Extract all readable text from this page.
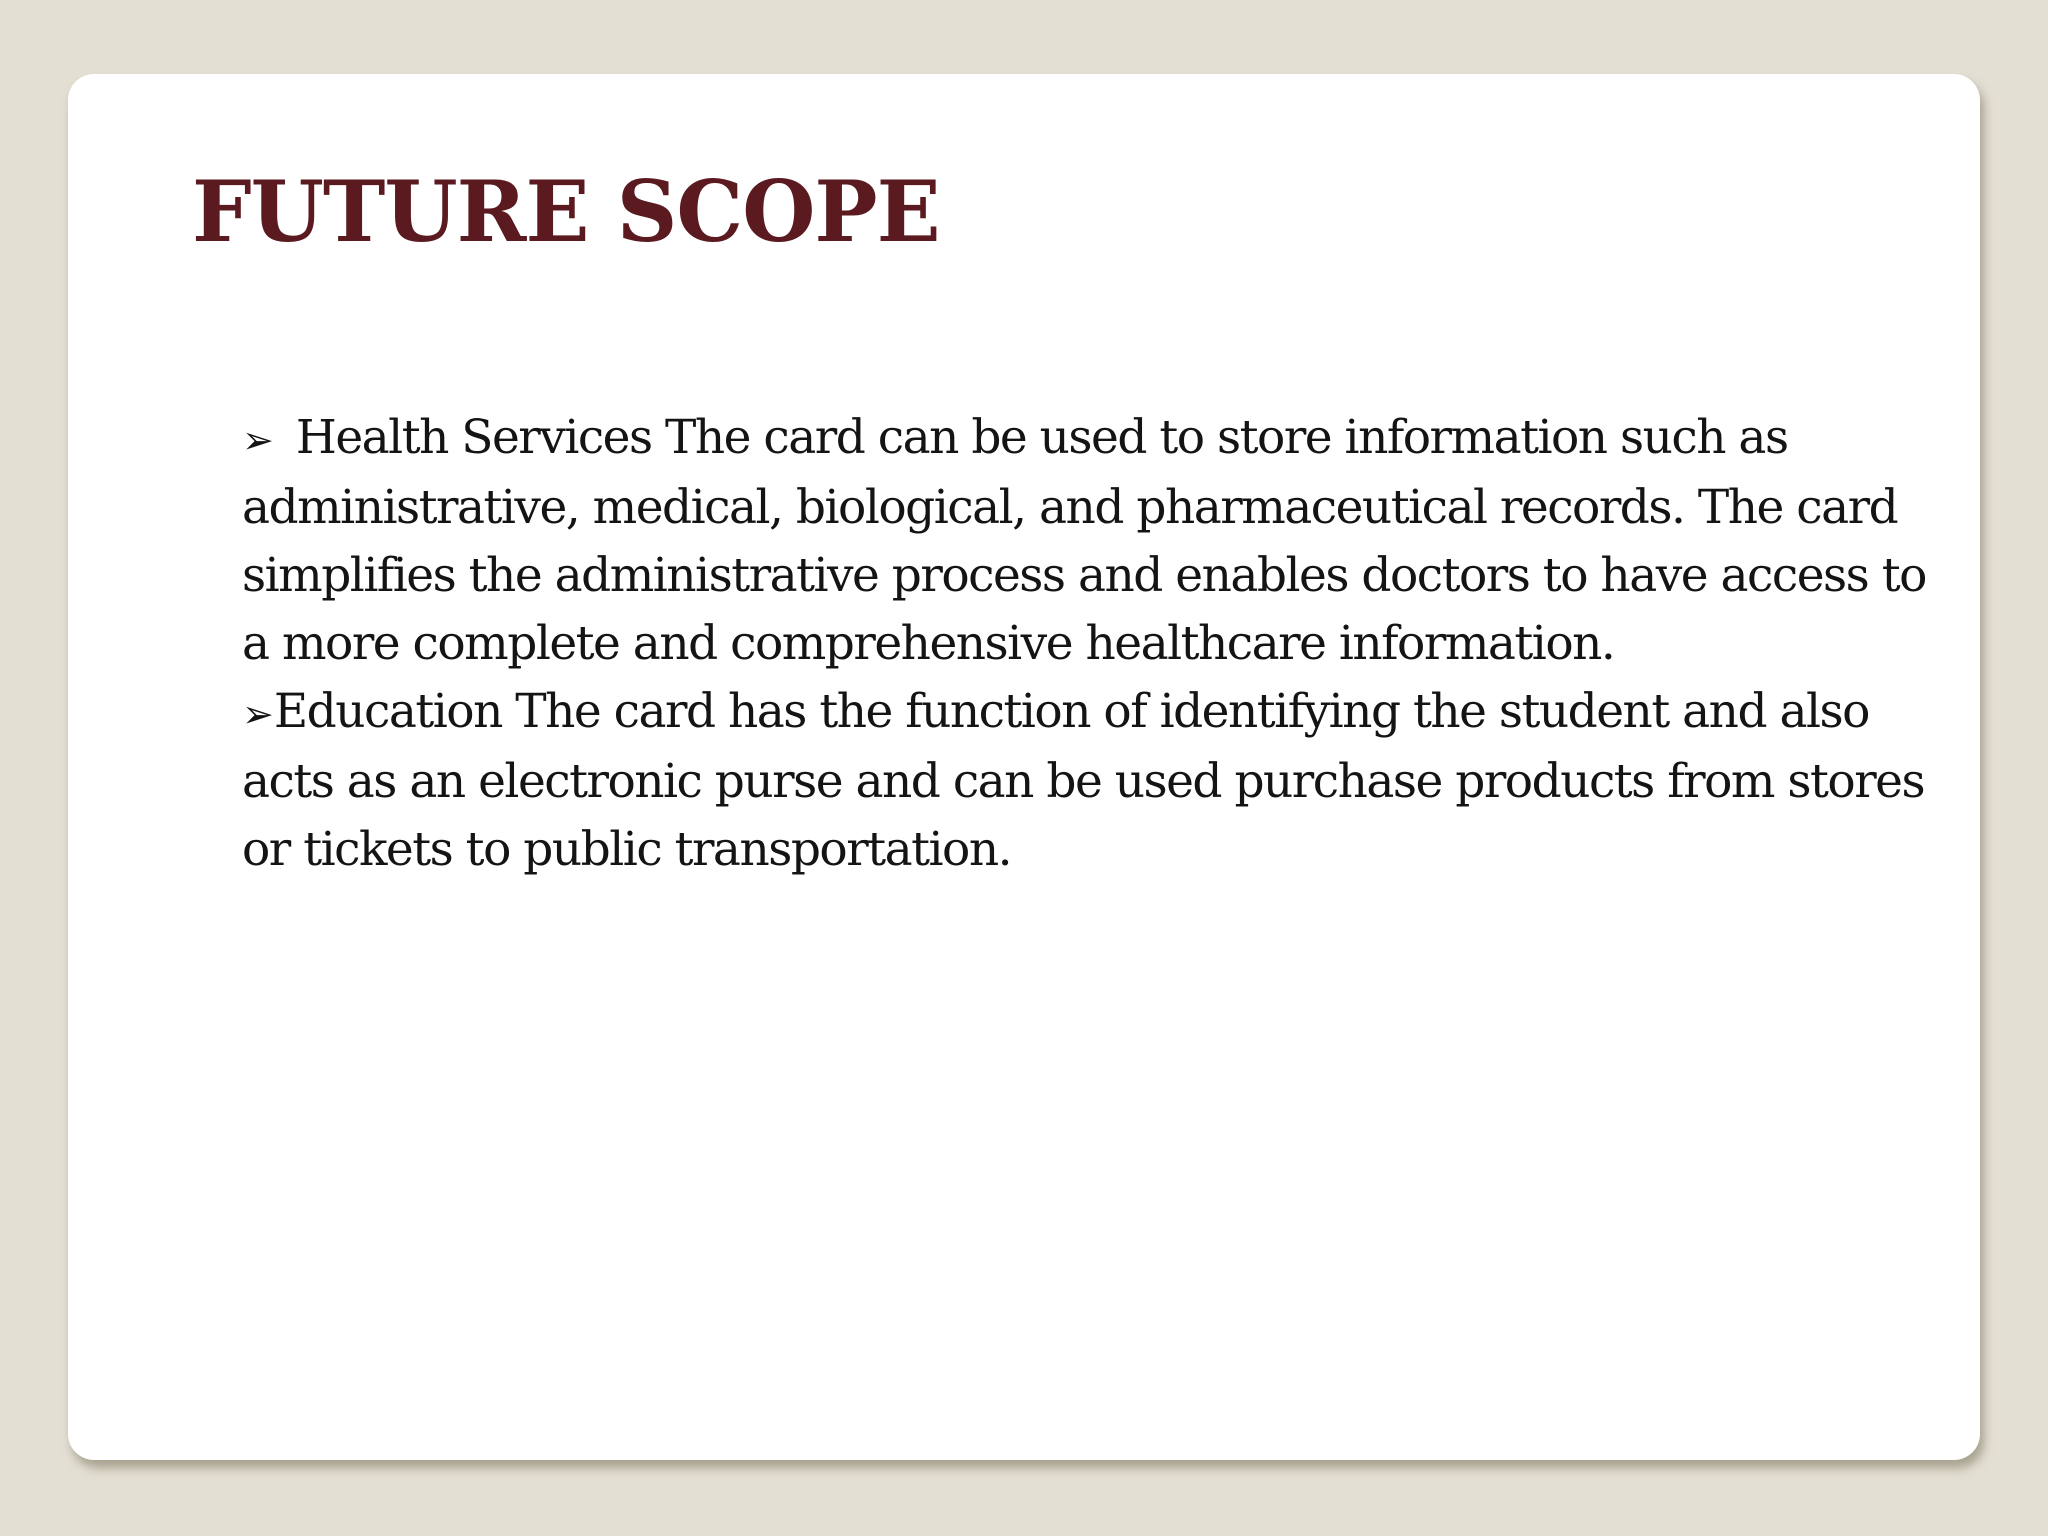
FUTURE SCOPE

➢ Health Services The card can be used to store information such as administrative, medical, biological, and pharmaceutical records. The card simplifies the administrative process and enables doctors to have access to a more complete and comprehensive healthcare information.

➢Education The card has the function of identifying the student and also acts as an electronic purse and can be used purchase products from stores or tickets to public transportation.
